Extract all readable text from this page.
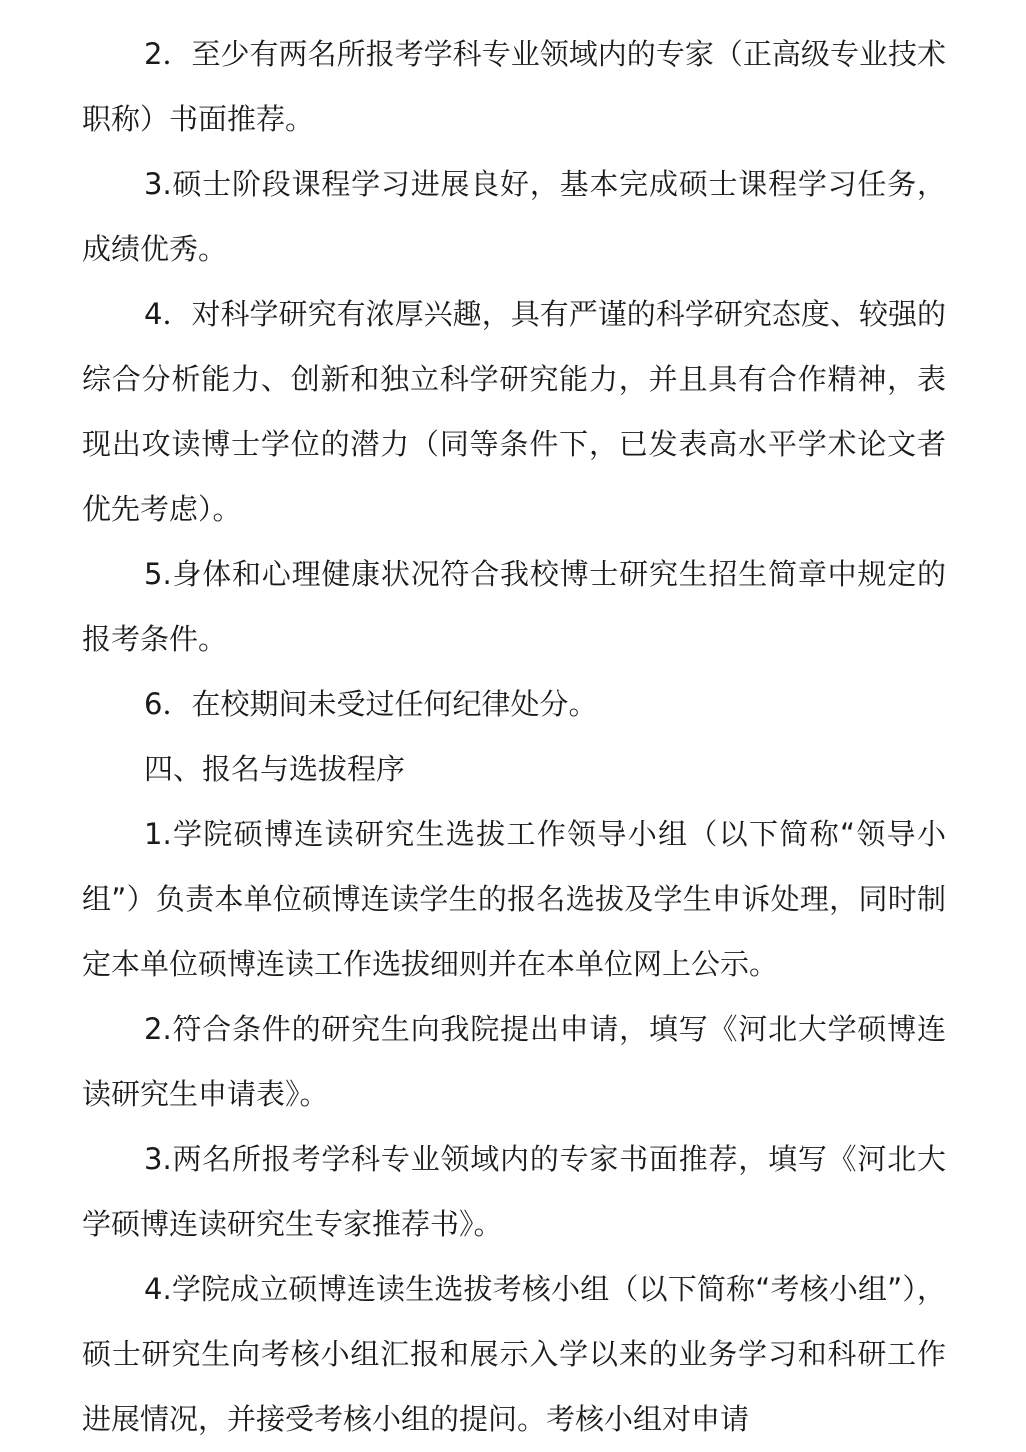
2．至少有两名所报考学科专业领域内的专家（正高级专业技术职称）书面推荐。

3.硕士阶段课程学习进展良好，基本完成硕士课程学习任务，成绩优秀。

4．对科学研究有浓厚兴趣，具有严谨的科学研究态度、较强的综合分析能力、创新和独立科学研究能力，并且具有合作精神，表现出攻读博士学位的潜力（同等条件下，已发表高水平学术论文者优先考虑）。

5.身体和心理健康状况符合我校博士研究生招生简章中规定的报考条件。

6．在校期间未受过任何纪律处分。

四、报名与选拔程序

1.学院硕博连读研究生选拔工作领导小组（以下简称“领导小组”）负责本单位硕博连读学生的报名选拔及学生申诉处理，同时制定本单位硕博连读工作选拔细则并在本单位网上公示。

2.符合条件的研究生向我院提出申请，填写《河北大学硕博连读研究生申请表》。

3.两名所报考学科专业领域内的专家书面推荐，填写《河北大学硕博连读研究生专家推荐书》。

4.学院成立硕博连读生选拔考核小组（以下简称“考核小组”），硕士研究生向考核小组汇报和展示入学以来的业务学习和科研工作进展情况，并接受考核小组的提问。考核小组对申请
